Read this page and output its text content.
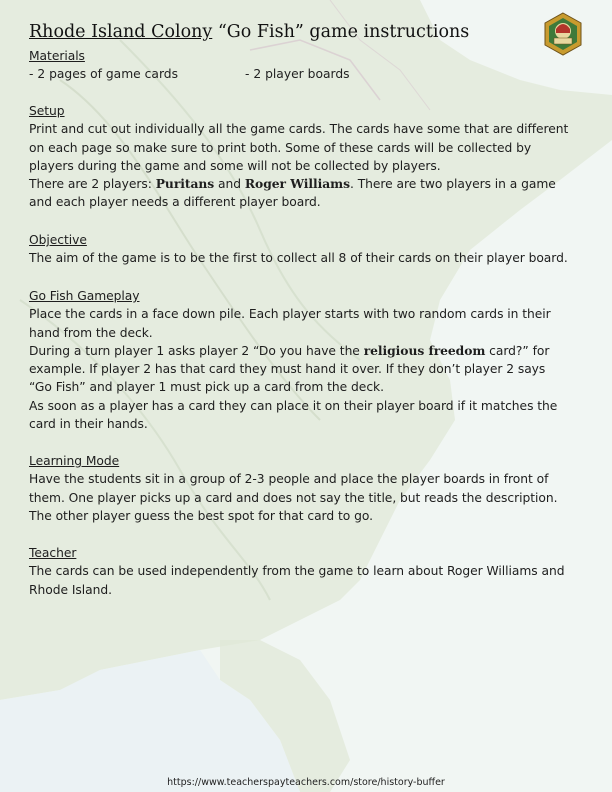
Rhode Island Colony “Go Fish” game instructions
Materials
- 2 pages of game cards	- 2 player boards
Setup
Print and cut out individually all the game cards. The cards have some that are different
on each page so make sure to print both. Some of these cards will be collected by
players during the game and some will not be collected by players.
There are 2 players: Puritans and Roger Williams. There are two players in a game
and each player needs a different player board.
Objective
The aim of the game is to be the first to collect all 8 of their cards on their player board.
Go Fish Gameplay
Place the cards in a face down pile. Each player starts with two random cards in their
hand from the deck.
During a turn player 1 asks player 2 “Do you have the religious freedom card?” for
example. If player 2 has that card they must hand it over. If they don’t player 2 says
“Go Fish” and player 1 must pick up a card from the deck.
As soon as a player has a card they can place it on their player board if it matches the
card in their hands.
Learning Mode
Have the students sit in a group of 2-3 people and place the player boards in front of
them. One player picks up a card and does not say the title, but reads the description.
The other player guess the best spot for that card to go.
Teacher
The cards can be used independently from the game to learn about Roger Williams and
Rhode Island.
https://www.teacherspayteachers.com/store/history-buffer
